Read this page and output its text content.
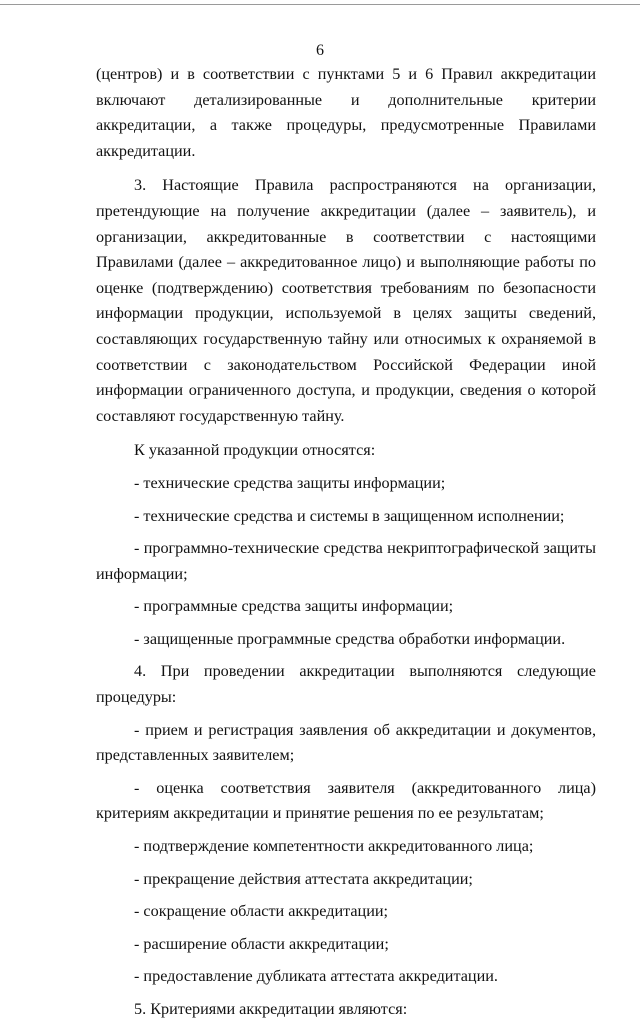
6

(центров) и в соответствии с пунктами 5 и 6 Правил аккредитации включают детализированные и дополнительные критерии аккредитации, а также процедуры, предусмотренные Правилами аккредитации.

3. Настоящие Правила распространяются на организации, претендующие на получение аккредитации (далее – заявитель), и организации, аккредитованные в соответствии с настоящими Правилами (далее – аккредитованное лицо) и выполняющие работы по оценке (подтверждению) соответствия требованиям по безопасности информации продукции, используемой в целях защиты сведений, составляющих государственную тайну или относимых к охраняемой в соответствии с законодательством Российской Федерации иной информации ограниченного доступа, и продукции, сведения о которой составляют государственную тайну.

К указанной продукции относятся:

- технические средства защиты информации;

- технические средства и системы в защищенном исполнении;

- программно-технические средства некриптографической защиты информации;

- программные средства защиты информации;

- защищенные программные средства обработки информации.

4. При проведении аккредитации выполняются следующие процедуры:

- прием и регистрация заявления об аккредитации и документов, представленных заявителем;

- оценка соответствия заявителя (аккредитованного лица) критериям аккредитации и принятие решения по ее результатам;

- подтверждение компетентности аккредитованного лица;

- прекращение действия аттестата аккредитации;

- сокращение области аккредитации;

- расширение области аккредитации;

- предоставление дубликата аттестата аккредитации.

5. Критериями аккредитации являются:
